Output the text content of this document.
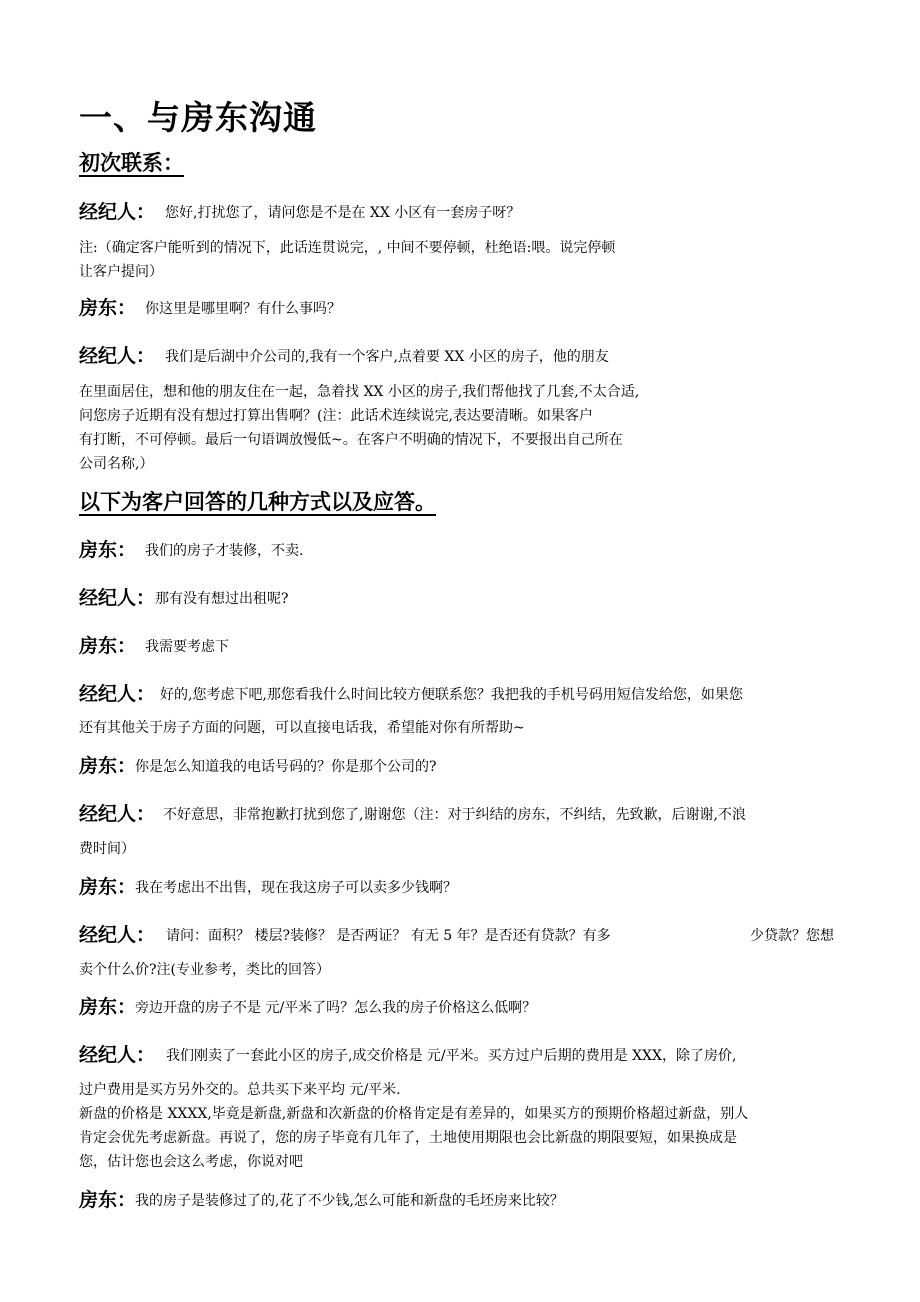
一、与房东沟通
初次联系：
经纪人： 您好,打扰您了，请问您是不是在 XX 小区有一套房子呀？
注:（确定客户能听到的情况下，此话连贯说完，, 中间不要停顿，杜绝语:喂。说完停顿
让客户提问）
房东： 你这里是哪里啊？有什么事吗？
经纪人： 我们是后湖中介公司的,我有一个客户,点着要 XX 小区的房子，他的朋友
在里面居住，想和他的朋友住在一起，急着找 XX 小区的房子,我们帮他找了几套,不太合适,
问您房子近期有没有想过打算出售啊？(注：此话术连续说完,表达要清晰。如果客户
有打断，不可停顿。最后一句语调放慢低~。在客户不明确的情况下，不要报出自己所在
公司名称,）
以下为客户回答的几种方式以及应答。
房东： 我们的房子才装修，不卖.
经纪人： 那有没有想过出租呢?
房东： 我需要考虑下
经纪人： 好的,您考虑下吧,那您看我什么时间比较方便联系您？我把我的手机号码用短信发给您，如果您
还有其他关于房子方面的问题，可以直接电话我，希望能对你有所帮助~
房东：
你是怎么知道我的电话号码的？你是那个公司的?
经纪人： 不好意思，非常抱歉打扰到您了,谢谢您（注：对于纠结的房东，不纠结，先致歉，后谢谢,不浪
费时间）
房东：
我在考虑出不出售，现在我这房子可以卖多少钱啊？
经纪人： 请问：面积？ 楼层?装修？ 是否两证？ 有无 5 年？是否还有贷款？有多	少贷款？您想
卖个什么价?注(专业参考，类比的回答）
房东：
旁边开盘的房子不是 元/平米了吗？怎么我的房子价格这么低啊？
经纪人： 我们刚卖了一套此小区的房子,成交价格是 元/平米。买方过户后期的费用是 XXX，除了房价,
过户费用是买方另外交的。总共买下来平均 元/平米.
新盘的价格是 XXXX,毕竟是新盘,新盘和次新盘的价格肯定是有差异的，如果买方的预期价格超过新盘，别人
肯定会优先考虑新盘。再说了，您的房子毕竟有几年了，土地使用期限也会比新盘的期限要短，如果换成是
您，估计您也会这么考虑，你说对吧
房东：
我的房子是装修过了的,花了不少钱,怎么可能和新盘的毛坯房来比较？
